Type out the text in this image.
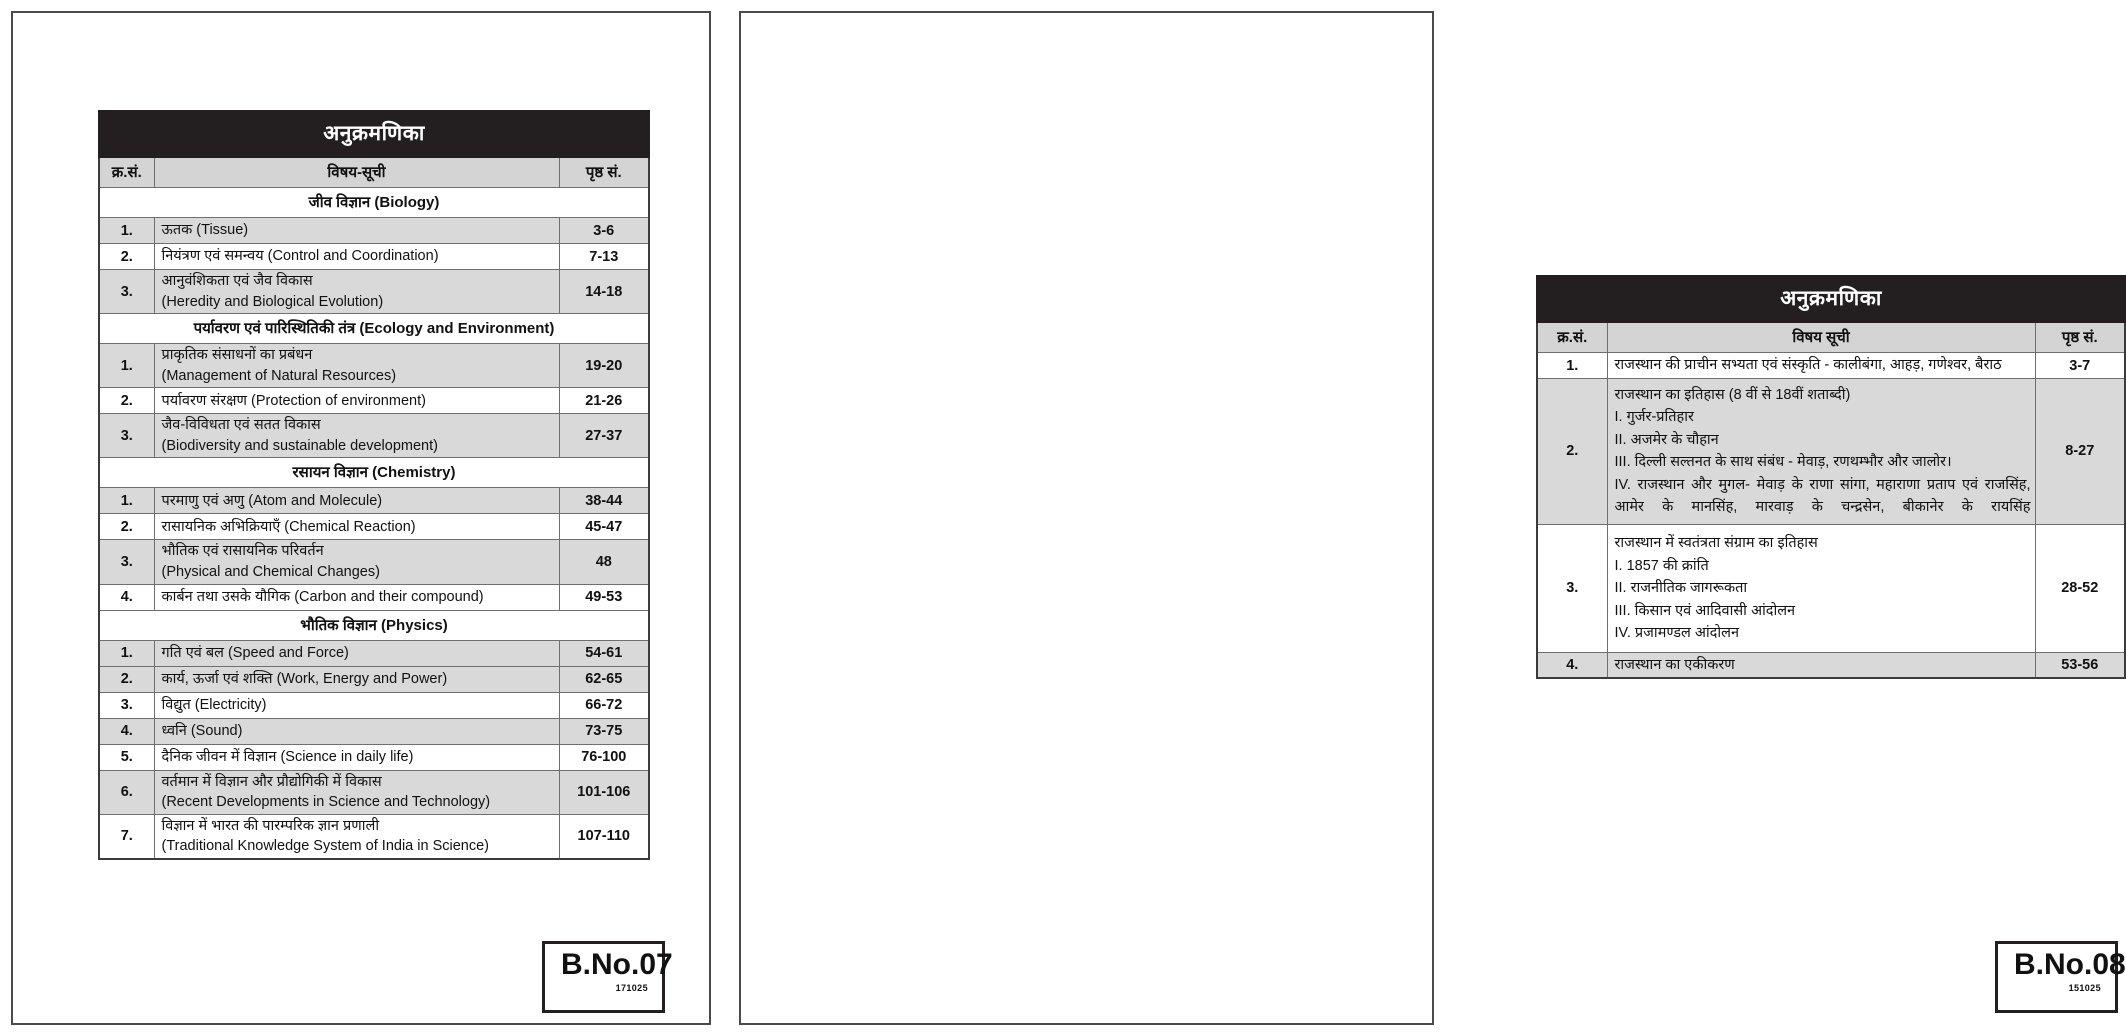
अनुक्रमणिका		
क्र.सं.	विषय-सूची	पृष्ठ सं.
जीव विज्ञान (Biology)		
1.	ऊतक (Tissue)	3-6
2.	नियंत्रण एवं समन्वय (Control and Coordination)	7-13
3.	आनुवंशिकता एवं जैव विकास
(Heredity and Biological Evolution)	14-18
पर्यावरण एवं पारिस्थितिकी तंत्र (Ecology and Environment)		
1.	प्राकृतिक संसाधनों का प्रबंधन
(Management of Natural Resources)	19-20
2.	पर्यावरण संरक्षण (Protection of environment)	21-26
3.	जैव-विविधता एवं सतत विकास
(Biodiversity and sustainable development)	27-37
रसायन विज्ञान (Chemistry)		
1.	परमाणु एवं अणु (Atom and Molecule)	38-44
2.	रासायनिक अभिक्रियाएँ (Chemical Reaction)	45-47
3.	भौतिक एवं रासायनिक परिवर्तन
(Physical and Chemical Changes)	48
4.	कार्बन तथा उसके यौगिक (Carbon and their compound)	49-53
भौतिक विज्ञान (Physics)		
1.	गति एवं बल (Speed and Force)	54-61
2.	कार्य, ऊर्जा एवं शक्ति (Work, Energy and Power)	62-65
3.	विद्युत (Electricity)	66-72
4.	ध्वनि (Sound)	73-75
5.	दैनिक जीवन में विज्ञान (Science in daily life)	76-100
6.	वर्तमान में विज्ञान और प्रौद्योगिकी में विकास
(Recent Developments in Science and Technology)	101-106
7.	विज्ञान में भारत की पारम्परिक ज्ञान प्रणाली
(Traditional Knowledge System of India in Science)	107-110
B.No.07
171025
अनुक्रमणिका		
क्र.सं.	विषय सूची	पृष्ठ सं.
1.	राजस्थान की प्राचीन सभ्यता एवं संस्कृति - कालीबंगा, आहड़, गणेश्वर, बैराठ	3-7
2.	राजस्थान का इतिहास (8 वीं से 18वीं शताब्दी)
I. गुर्जर-प्रतिहार
II. अजमेर के चौहान
III. दिल्ली सल्तनत के साथ संबंध - मेवाड़, रणथम्भौर और जालोर।
IV. राजस्थान और मुगल- मेवाड़ के राणा सांगा, महाराणा प्रताप एवं राजसिंह, आमेर के मानसिंह, मारवाड़ के चन्द्रसेन, बीकानेर के रायसिंह	8-27
3.	राजस्थान में स्वतंत्रता संग्राम का इतिहास
I. 1857 की क्रांति
II. राजनीतिक जागरूकता
III. किसान एवं आदिवासी आंदोलन
IV. प्रजामण्डल आंदोलन	28-52
4.	राजस्थान का एकीकरण	53-56
B.No.08
151025
